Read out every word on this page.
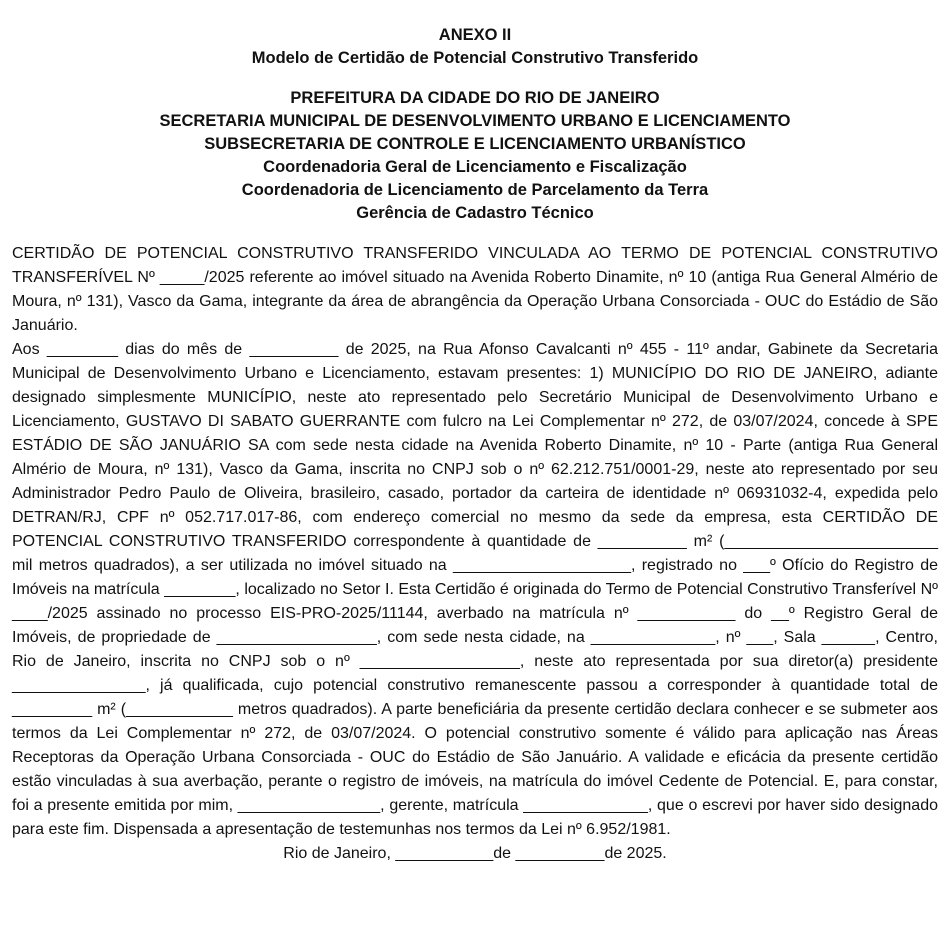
ANEXO II
Modelo de Certidão de Potencial Construtivo Transferido
PREFEITURA DA CIDADE DO RIO DE JANEIRO
SECRETARIA MUNICIPAL DE DESENVOLVIMENTO URBANO E LICENCIAMENTO
SUBSECRETARIA DE CONTROLE E LICENCIAMENTO URBANÍSTICO
Coordenadoria Geral de Licenciamento e Fiscalização
Coordenadoria de Licenciamento de Parcelamento da Terra
Gerência de Cadastro Técnico

CERTIDÃO DE POTENCIAL CONSTRUTIVO TRANSFERIDO VINCULADA AO TERMO DE POTENCIAL CONSTRUTIVO TRANSFERÍVEL Nº _____/2025 referente ao imóvel situado na Avenida Roberto Dinamite, nº 10 (antiga Rua General Almério de Moura, nº 131), Vasco da Gama, integrante da área de abrangência da Operação Urbana Consorciada - OUC do Estádio de São Januário.

Aos ________ dias do mês de __________ de 2025, na Rua Afonso Cavalcanti nº 455 - 11º andar, Gabinete da Secretaria Municipal de Desenvolvimento Urbano e Licenciamento, estavam presentes: 1) MUNICÍPIO DO RIO DE JANEIRO, adiante designado simplesmente MUNICÍPIO, neste ato representado pelo Secretário Municipal de Desenvolvimento Urbano e Licenciamento, GUSTAVO DI SABATO GUERRANTE com fulcro na Lei Complementar nº 272, de 03/07/2024, concede à SPE ESTÁDIO DE SÃO JANUÁRIO SA com sede nesta cidade na Avenida Roberto Dinamite, nº 10 - Parte (antiga Rua General Almério de Moura, nº 131), Vasco da Gama, inscrita no CNPJ sob o nº 62.212.751/0001-29, neste ato representado por seu Administrador Pedro Paulo de Oliveira, brasileiro, casado, portador da carteira de identidade nº 06931032-4, expedida pelo DETRAN/RJ, CPF nº 052.717.017-86, com endereço comercial no mesmo da sede da empresa, esta CERTIDÃO DE POTENCIAL CONSTRUTIVO TRANSFERIDO correspondente à quantidade de __________ m² (________________________ mil metros quadrados), a ser utilizada no imóvel situado na ____________________, registrado no ___º Ofício do Registro de Imóveis na matrícula ________, localizado no Setor I. Esta Certidão é originada do Termo de Potencial Construtivo Transferível Nº ____/2025 assinado no processo EIS-PRO-2025/11144, averbado na matrícula nº ___________ do __º Registro Geral de Imóveis, de propriedade de __________________, com sede nesta cidade, na ______________, nº ___, Sala ______, Centro, Rio de Janeiro, inscrita no CNPJ sob o nº __________________, neste ato representada por sua diretor(a) presidente _______________, já qualificada, cujo potencial construtivo remanescente passou a corresponder à quantidade total de _________ m² (____________ metros quadrados). A parte beneficiária da presente certidão declara conhecer e se submeter aos termos da Lei Complementar nº 272, de 03/07/2024. O potencial construtivo somente é válido para aplicação nas Áreas Receptoras da Operação Urbana Consorciada - OUC do Estádio de São Januário. A validade e eficácia da presente certidão estão vinculadas à sua averbação, perante o registro de imóveis, na matrícula do imóvel Cedente de Potencial. E, para constar, foi a presente emitida por mim, ________________, gerente, matrícula ______________, que o escrevi por haver sido designado para este fim. Dispensada a apresentação de testemunhas nos termos da Lei nº 6.952/1981.

Rio de Janeiro, ___________de __________de 2025.
